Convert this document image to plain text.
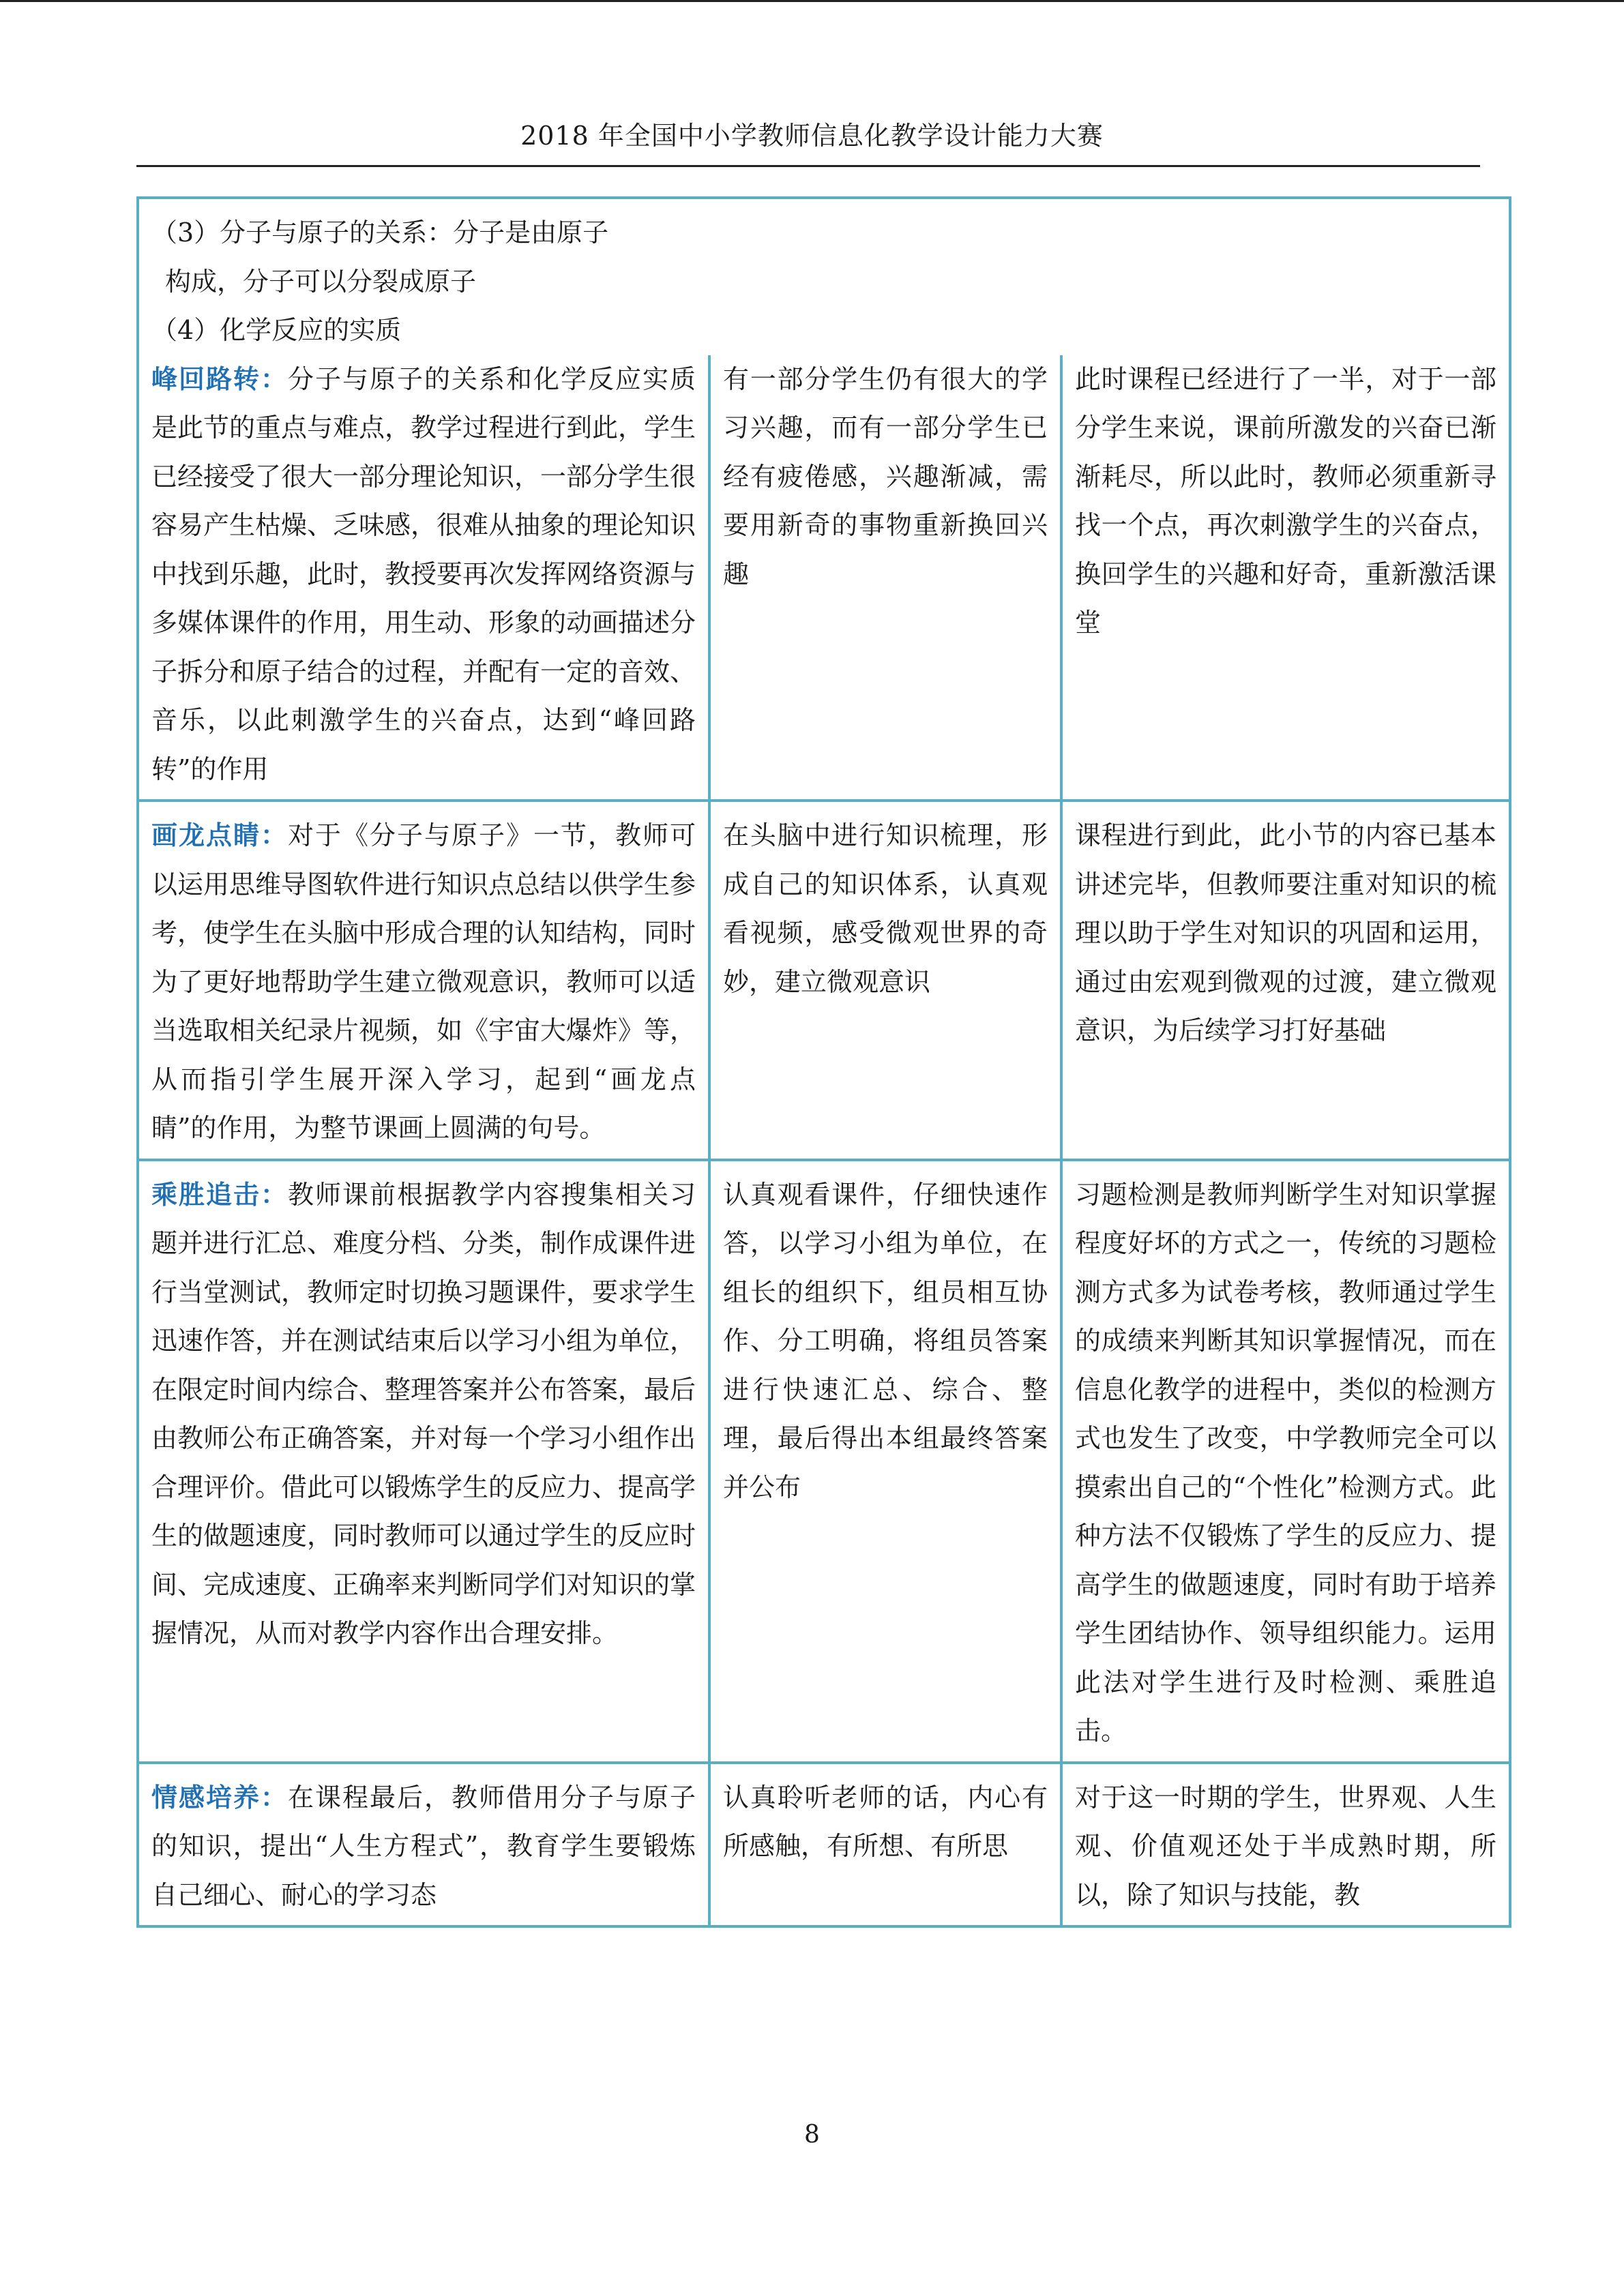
2018 年全国中小学教师信息化教学设计能力大赛
（3）分子与原子的关系：分子是由原子
构成，分子可以分裂成原子
（4）化学反应的实质		

峰回路转：分子与原子的关系和化学反应实质是此节的重点与难点，教学过程进行到此，学生已经接受了很大一部分理论知识，一部分学生很容易产生枯燥、乏味感，很难从抽象的理论知识中找到乐趣，此时，教授要再次发挥网络资源与多媒体课件的作用，用生动、形象的动画描述分子拆分和原子结合的过程，并配有一定的音效、音乐，以此刺激学生的兴奋点，达到“峰回路转”的作用	有一部分学生仍有很大的学习兴趣，而有一部分学生已经有疲倦感，兴趣渐减，需要用新奇的事物重新换回兴趣	此时课程已经进行了一半，对于一部分学生来说，课前所激发的兴奋已渐渐耗尽，所以此时，教师必须重新寻找一个点，再次刺激学生的兴奋点，换回学生的兴趣和好奇，重新激活课堂
画龙点睛：对于《分子与原子》一节，教师可以运用思维导图软件进行知识点总结以供学生参考，使学生在头脑中形成合理的认知结构，同时为了更好地帮助学生建立微观意识，教师可以适当选取相关纪录片视频，如《宇宙大爆炸》等，从而指引学生展开深入学习，起到“画龙点睛”的作用，为整节课画上圆满的句号。	在头脑中进行知识梳理，形成自己的知识体系，认真观看视频，感受微观世界的奇妙，建立微观意识	课程进行到此，此小节的内容已基本讲述完毕，但教师要注重对知识的梳理以助于学生对知识的巩固和运用，通过由宏观到微观的过渡，建立微观意识，为后续学习打好基础
乘胜追击：教师课前根据教学内容搜集相关习题并进行汇总、难度分档、分类，制作成课件进行当堂测试，教师定时切换习题课件，要求学生迅速作答，并在测试结束后以学习小组为单位，在限定时间内综合、整理答案并公布答案，最后由教师公布正确答案，并对每一个学习小组作出合理评价。借此可以锻炼学生的反应力、提高学生的做题速度，同时教师可以通过学生的反应时间、完成速度、正确率来判断同学们对知识的掌握情况，从而对教学内容作出合理安排。	认真观看课件，仔细快速作答，以学习小组为单位，在组长的组织下，组员相互协作、分工明确，将组员答案进行快速汇总、综合、整理，最后得出本组最终答案并公布	习题检测是教师判断学生对知识掌握程度好坏的方式之一，传统的习题检测方式多为试卷考核，教师通过学生的成绩来判断其知识掌握情况，而在信息化教学的进程中，类似的检测方式也发生了改变，中学教师完全可以摸索出自己的“个性化”检测方式。此种方法不仅锻炼了学生的反应力、提高学生的做题速度，同时有助于培养学生团结协作、领导组织能力。运用此法对学生进行及时检测、乘胜追击。
情感培养：在课程最后，教师借用分子与原子的知识，提出“人生方程式”，教育学生要锻炼自己细心、耐心的学习态	认真聆听老师的话，内心有所感触，有所想、有所思	对于这一时期的学生，世界观、人生观、价值观还处于半成熟时期，所以，除了知识与技能，教
8
